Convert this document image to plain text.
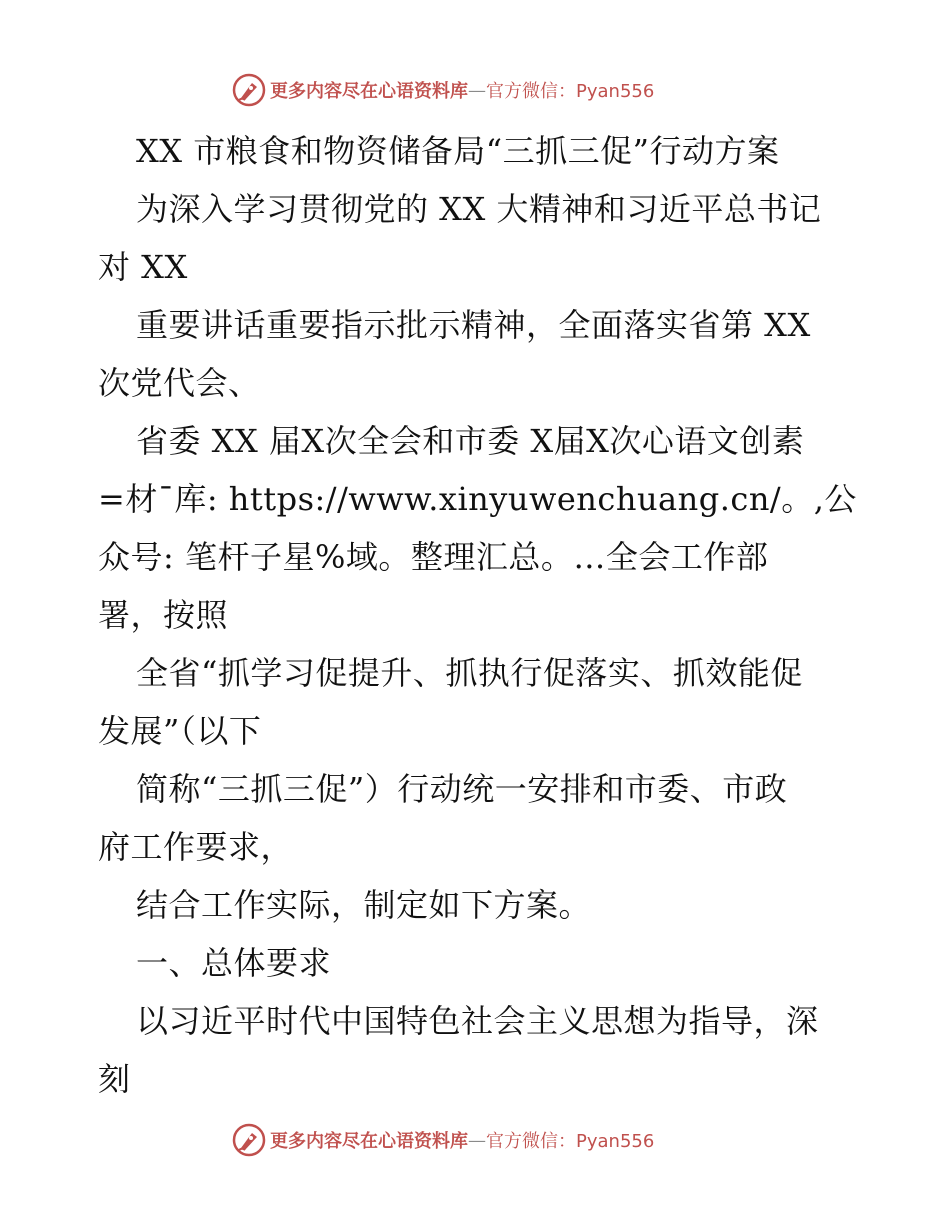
更多内容尽在心语资料库 — 官方微信：Pyan556
XX 市粮食和物资储备局“三抓三促”行动方案
为深入学习贯彻党的 XX 大精神和习近平总书记
对 XX
重要讲话重要指示批示精神，全面落实省第 XX
次党代会、
省委 XX 届X次全会和市委 X届X次心语文创素
=材¯库: https://www.xinyuwenchuang.cn/。,公
众号: 笔杆子星%域。整理汇总。…全会工作部
署，按照
全省“抓学习促提升、抓执行促落实、抓效能促
发展”（以下
简称“三抓三促”）行动统一安排和市委、市政
府工作要求，
结合工作实际，制定如下方案。
一、总体要求
以习近平时代中国特色社会主义思想为指导，深
刻
更多内容尽在心语资料库 — 官方微信：Pyan556
